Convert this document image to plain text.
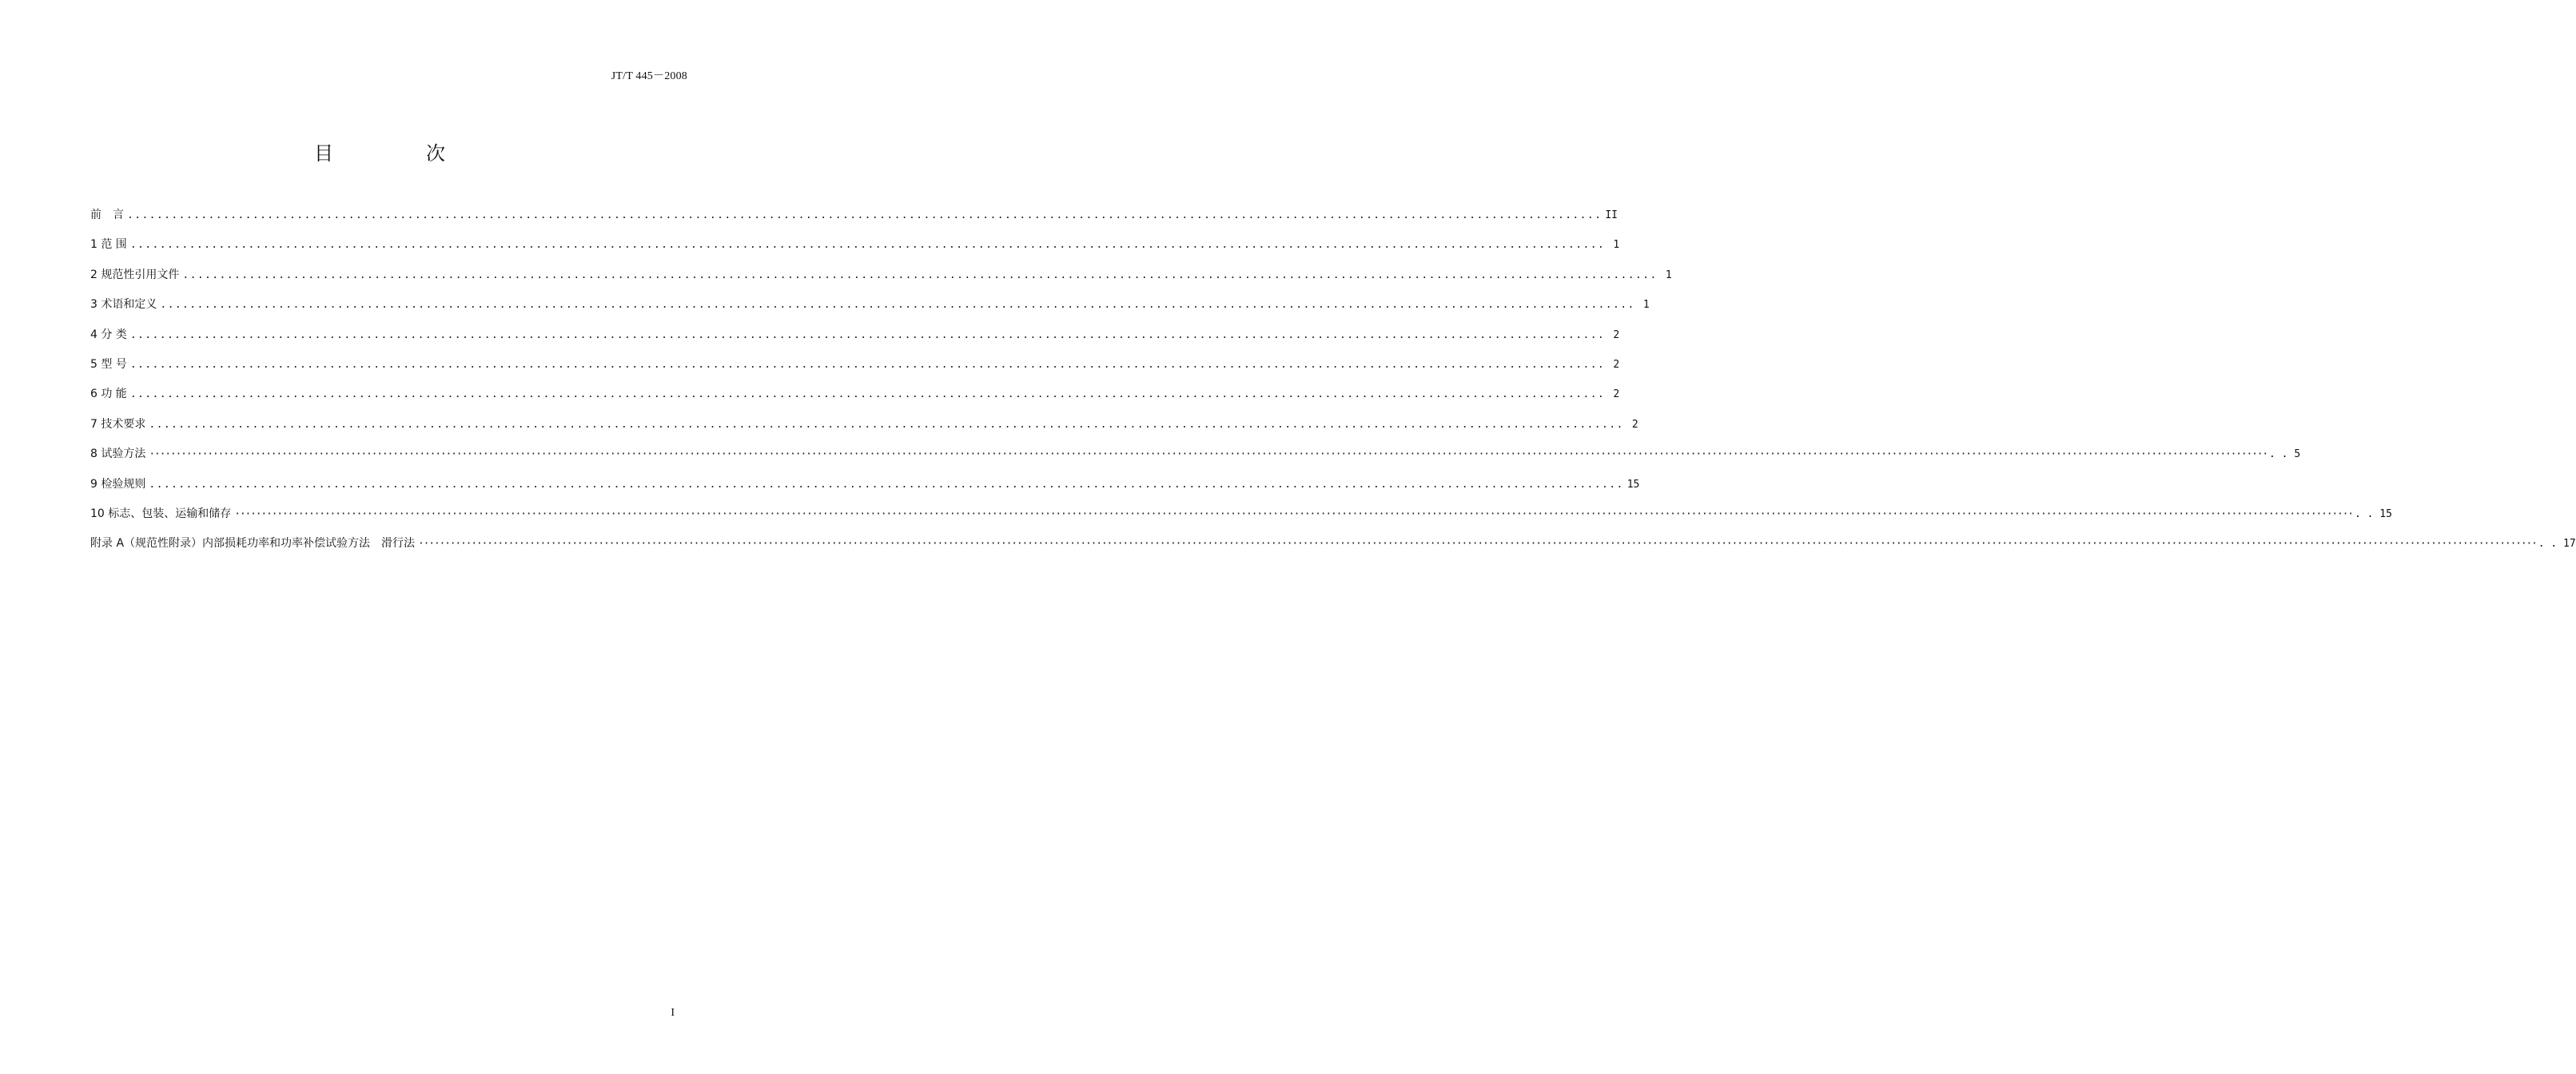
JT/T 445－2008
目　次
前　言 ........................................................................................................................................................................................................ II
1 范 围 ........................................................................................................................................................................................................ 1
2 规范性引用文件 ........................................................................................................................................................................................................ 1
3 术语和定义 ........................................................................................................................................................................................................ 1
4 分 类 ........................................................................................................................................................................................................ 2
5 型 号 ........................................................................................................................................................................................................ 2
6 功 能 ........................................................................................................................................................................................................ 2
7 技术要求 ........................................................................................................................................................................................................ 2
8 试验方法 ················································································································································································································································································································································································································ . . 5
9 检验规则 ........................................................................................................................................................................................................ 15
10 标志、包装、运输和储存 ················································································································································································································································································································································································································ . . 15
附录 A（规范性附录）内部损耗功率和功率补偿试验方法　滑行法 ················································································································································································································································································································································································································ . . 17
I
